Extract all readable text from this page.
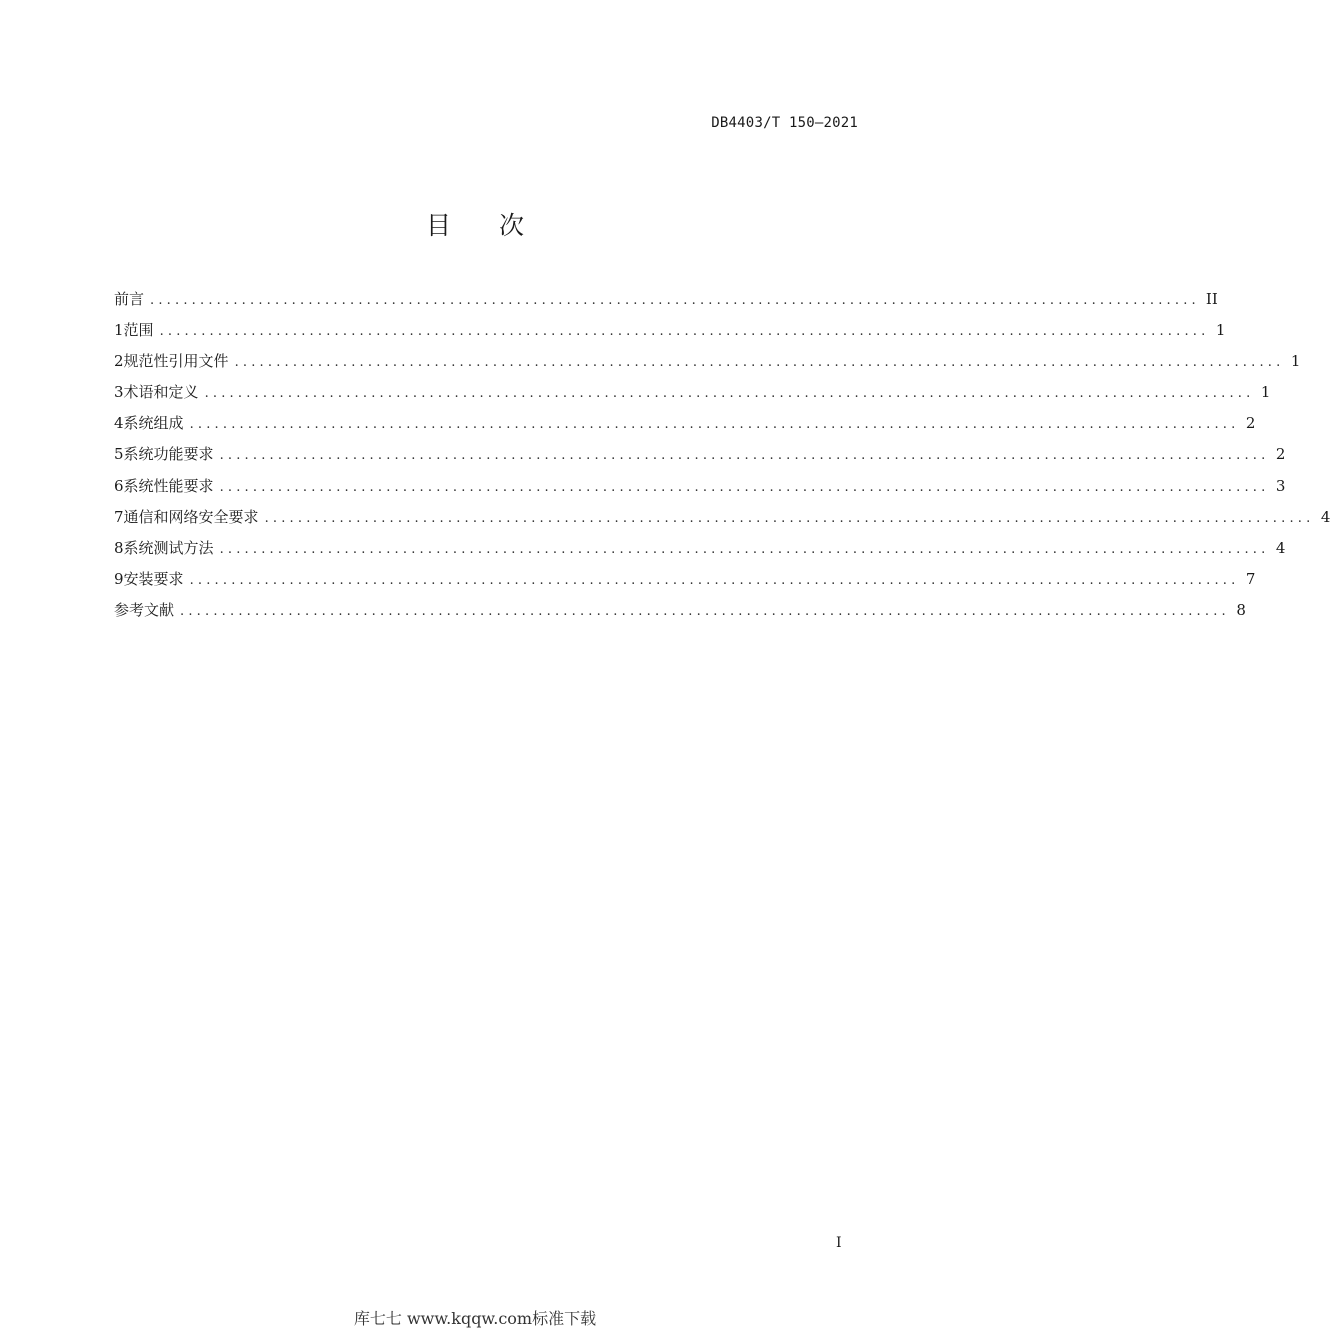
DB4403/T 150—2021
目 次
前言 .............................................................................................................................. II
1 范围 .............................................................................................................................. 1
2 规范性引用文件 .............................................................................................................................. 1
3 术语和定义 .............................................................................................................................. 1
4 系统组成 .............................................................................................................................. 2
5 系统功能要求 .............................................................................................................................. 2
6 系统性能要求 .............................................................................................................................. 3
7 通信和网络安全要求 .............................................................................................................................. 4
8 系统测试方法 .............................................................................................................................. 4
9 安装要求 .............................................................................................................................. 7
参考文献 .............................................................................................................................. 8
I
库七七 www.kqqw.com标准下载
